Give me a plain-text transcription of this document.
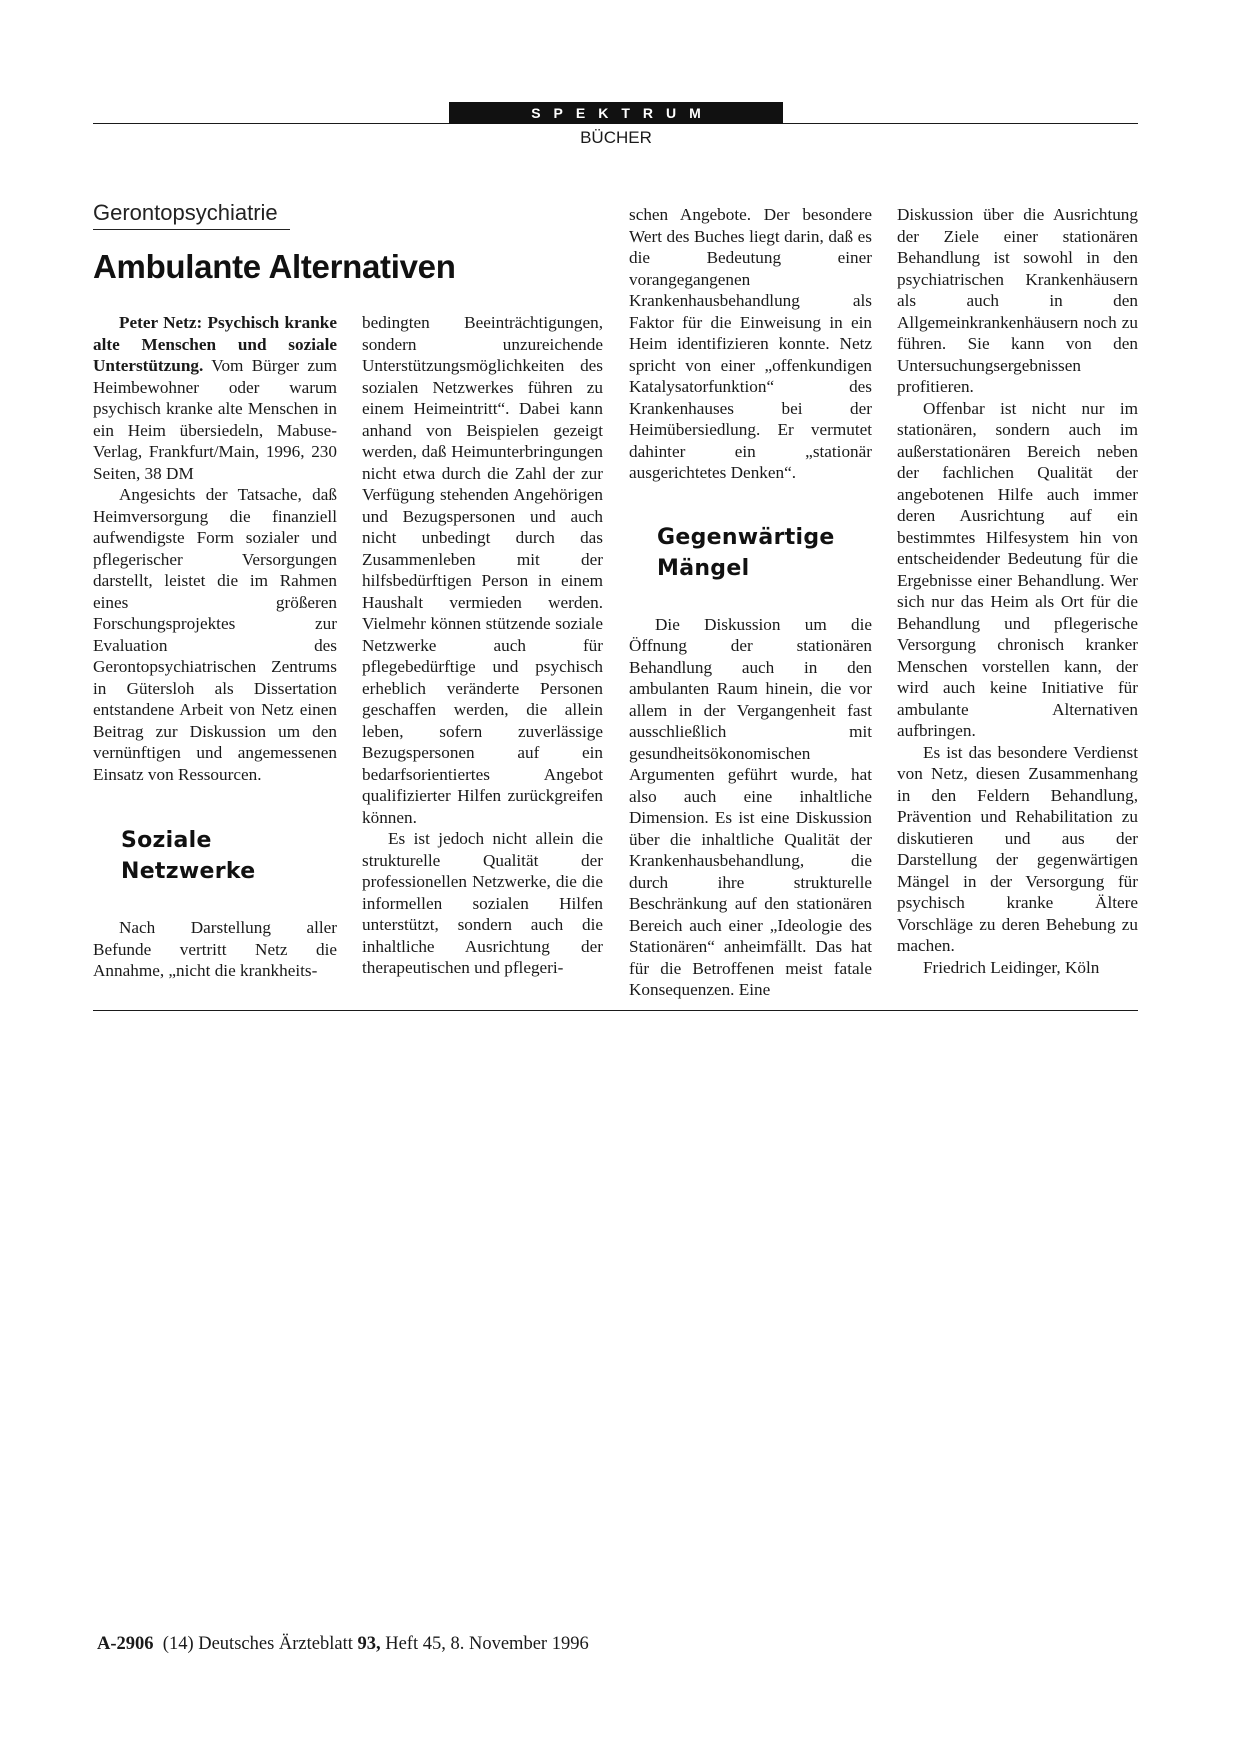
SPEKTRUM
BÜCHER
Gerontopsychiatrie
Ambulante Alternativen

Peter Netz: Psychisch kranke alte Menschen und soziale Unterstützung. Vom Bürger zum Heimbewohner oder warum psychisch kranke alte Menschen in ein Heim übersiedeln, Mabuse-Verlag, Frankfurt/Main, 1996, 230 Seiten, 38 DM

Angesichts der Tatsache, daß Heimversorgung die finanziell aufwendigste Form sozialer und pflegerischer Versorgungen darstellt, leistet die im Rahmen eines größeren Forschungsprojektes zur Evaluation des Gerontopsychiatrischen Zentrums in Gütersloh als Dissertation entstandene Arbeit von Netz einen Beitrag zur Diskussion um den vernünftigen und angemessenen Einsatz von Ressourcen.

Soziale Netzwerke

Nach Darstellung aller Befunde vertritt Netz die Annahme, „nicht die krankheits-

bedingten Beeinträchtigungen, sondern unzureichende Unterstützungsmöglichkeiten des sozialen Netzwerkes führen zu einem Heimeintritt“. Dabei kann anhand von Beispielen gezeigt werden, daß Heimunterbringungen nicht etwa durch die Zahl der zur Verfügung stehenden Angehörigen und Bezugspersonen und auch nicht unbedingt durch das Zusammenleben mit der hilfsbedürftigen Person in einem Haushalt vermieden werden. Vielmehr können stützende soziale Netzwerke auch für pflegebedürftige und psychisch erheblich veränderte Personen geschaffen werden, die allein leben, sofern zuverlässige Bezugspersonen auf ein bedarfsorientiertes Angebot qualifizierter Hilfen zurückgreifen können.

Es ist jedoch nicht allein die strukturelle Qualität der professionellen Netzwerke, die die informellen sozialen Hilfen unterstützt, sondern auch die inhaltliche Ausrichtung der therapeutischen und pflegeri-

schen Angebote. Der besondere Wert des Buches liegt darin, daß es die Bedeutung einer vorangegangenen Krankenhausbehandlung als Faktor für die Einweisung in ein Heim identifizieren konnte. Netz spricht von einer „offenkundigen Katalysatorfunktion“ des Krankenhauses bei der Heimübersiedlung. Er vermutet dahinter ein „stationär ausgerichtetes Denken“.

Gegenwärtige Mängel

Die Diskussion um die Öffnung der stationären Behandlung auch in den ambulanten Raum hinein, die vor allem in der Vergangenheit fast ausschließlich mit gesundheitsökonomischen Argumenten geführt wurde, hat also auch eine inhaltliche Dimension. Es ist eine Diskussion über die inhaltliche Qualität der Krankenhausbehandlung, die durch ihre strukturelle Beschränkung auf den stationären Bereich auch einer „Ideologie des Stationären“ anheimfällt. Das hat für die Betroffenen meist fatale Konsequenzen. Eine

Diskussion über die Ausrichtung der Ziele einer stationären Behandlung ist sowohl in den psychiatrischen Krankenhäusern als auch in den Allgemeinkrankenhäusern noch zu führen. Sie kann von den Untersuchungsergebnissen profitieren.

Offenbar ist nicht nur im stationären, sondern auch im außerstationären Bereich neben der fachlichen Qualität der angebotenen Hilfe auch immer deren Ausrichtung auf ein bestimmtes Hilfesystem hin von entscheidender Bedeutung für die Ergebnisse einer Behandlung. Wer sich nur das Heim als Ort für die Behandlung und pflegerische Versorgung chronisch kranker Menschen vorstellen kann, der wird auch keine Initiative für ambulante Alternativen aufbringen.

Es ist das besondere Verdienst von Netz, diesen Zusammenhang in den Feldern Behandlung, Prävention und Rehabilitation zu diskutieren und aus der Darstellung der gegenwärtigen Mängel in der Versorgung für psychisch kranke Ältere Vorschläge zu deren Behebung zu machen.

Friedrich Leidinger, Köln

A-2906 (14) Deutsches Ärzteblatt 93, Heft 45, 8. November 1996
